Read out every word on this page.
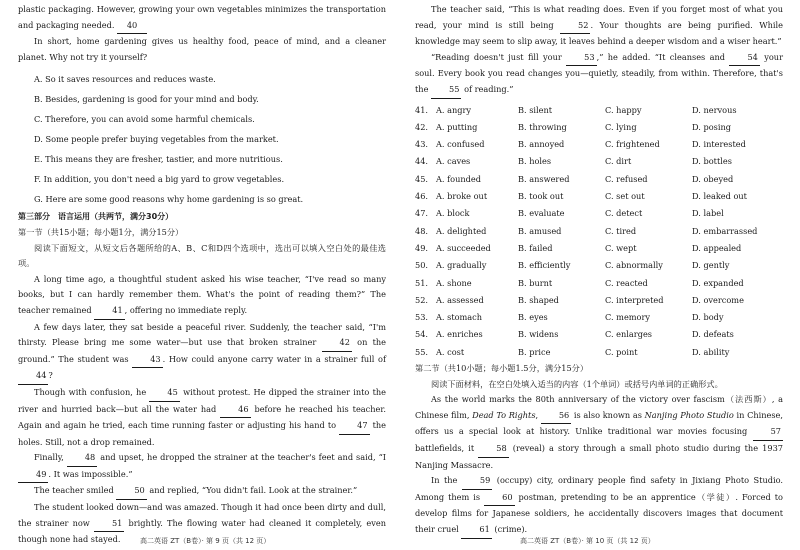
plastic packaging. However, growing your own vegetables minimizes the transportation and packaging needed. 40

In short, home gardening gives us healthy food, peace of mind, and a cleaner planet. Why not try it yourself?

A. So it saves resources and reduces waste.

B. Besides, gardening is good for your mind and body.

C. Therefore, you can avoid some harmful chemicals.

D. Some people prefer buying vegetables from the market.

E. This means they are fresher, tastier, and more nutritious.

F. In addition, you don't need a big yard to grow vegetables.

G. Here are some good reasons why home gardening is so great.

第三部分　语言运用（共两节，满分30分）

第一节（共15小题；每小题1分，满分15分）

阅读下面短文，从短文后各题所给的A、B、C和D四个选项中，选出可以填入空白处的最佳选项。

A long time ago, a thoughtful student asked his wise teacher, “I've read so many books, but I can hardly remember them. What's the point of reading them?” The teacher remained	41 , offering no immediate reply.

A few days later, they sat beside a peaceful river. Suddenly, the teacher said, “I'm thirsty. Please bring me some water—but use that broken strainer	42 on the ground.” The student was	43 . How could anyone carry water in a strainer full of 44 ?

Though with confusion, he	45 without protest. He dipped the strainer into the river and hurried back—but all the water had	46 before he reached his teacher. Again and again he tried, each time running faster or adjusting his hand to	47 the holes. Still, not a drop remained.

Finally,	48 and upset, he dropped the strainer at the teacher's feet and said, “I 49 . It was impossible.”

The teacher smiled	50 and replied, “You didn't fail. Look at the strainer.”

The student looked down—and was amazed. Though it had once been dirty and dull, the strainer now	51 brightly. The flowing water had cleaned it completely, even though none had stayed.	高二英语 ZT（B卷）· 第 9 页（共 12 页）

The teacher said, “This is what reading does. Even if you forget most of what you read, your mind is still being	52 . Your thoughts are being purified. While knowledge may seem to slip away, it leaves behind a deeper wisdom and a wiser heart.”

“Reading doesn't just fill your	53 ,” he added. “It cleanses and	54 your soul. Every book you read changes you—quietly, steadily, from within. Therefore, that's the	55 of reading.”

41. A. angry	B. silent	C. happy	D. nervous
42. A. putting	B. throwing	C. lying	D. posing
43. A. confused	B. annoyed	C. frightened	D. interested
44. A. caves	B. holes	C. dirt	D. bottles
45. A. founded	B. answered	C. refused	D. obeyed
46. A. broke out	B. took out	C. set out	D. leaked out
47. A. block	B. evaluate	C. detect	D. label
48. A. delighted	B. amused	C. tired	D. embarrassed
49. A. succeeded	B. failed	C. wept	D. appealed
50. A. gradually	B. efficiently	C. abnormally	D. gently
51. A. shone	B. burnt	C. reacted	D. expanded
52. A. assessed	B. shaped	C. interpreted	D. overcome
53. A. stomach	B. eyes	C. memory	D. body
54. A. enriches	B. widens	C. enlarges	D. defeats
55. A. cost	B. price	C. point	D. ability

第二节（共10小题；每小题1.5分，满分15分）

阅读下面材料，在空白处填入适当的内容（1个单词）或括号内单词的正确形式。

As the world marks the 80th anniversary of the victory over fascism（法西斯）, a Chinese film, Dead To Rights,	56 is also known as Nanjing Photo Studio in Chinese, offers us a special look at history. Unlike traditional war movies focusing	57 battlefields, it	58 (reveal) a story through a small photo studio during the 1937 Nanjing Massacre.

In the	59 (occupy) city, ordinary people find safety in Jixiang Photo Studio. Among them is	60 postman, pretending to be an apprentice（学徒）. Forced to develop films for Japanese soldiers, he accidentally discovers images that document their cruel	61 (crime).

高二英语 ZT（B卷）· 第 10 页（共 12 页）
